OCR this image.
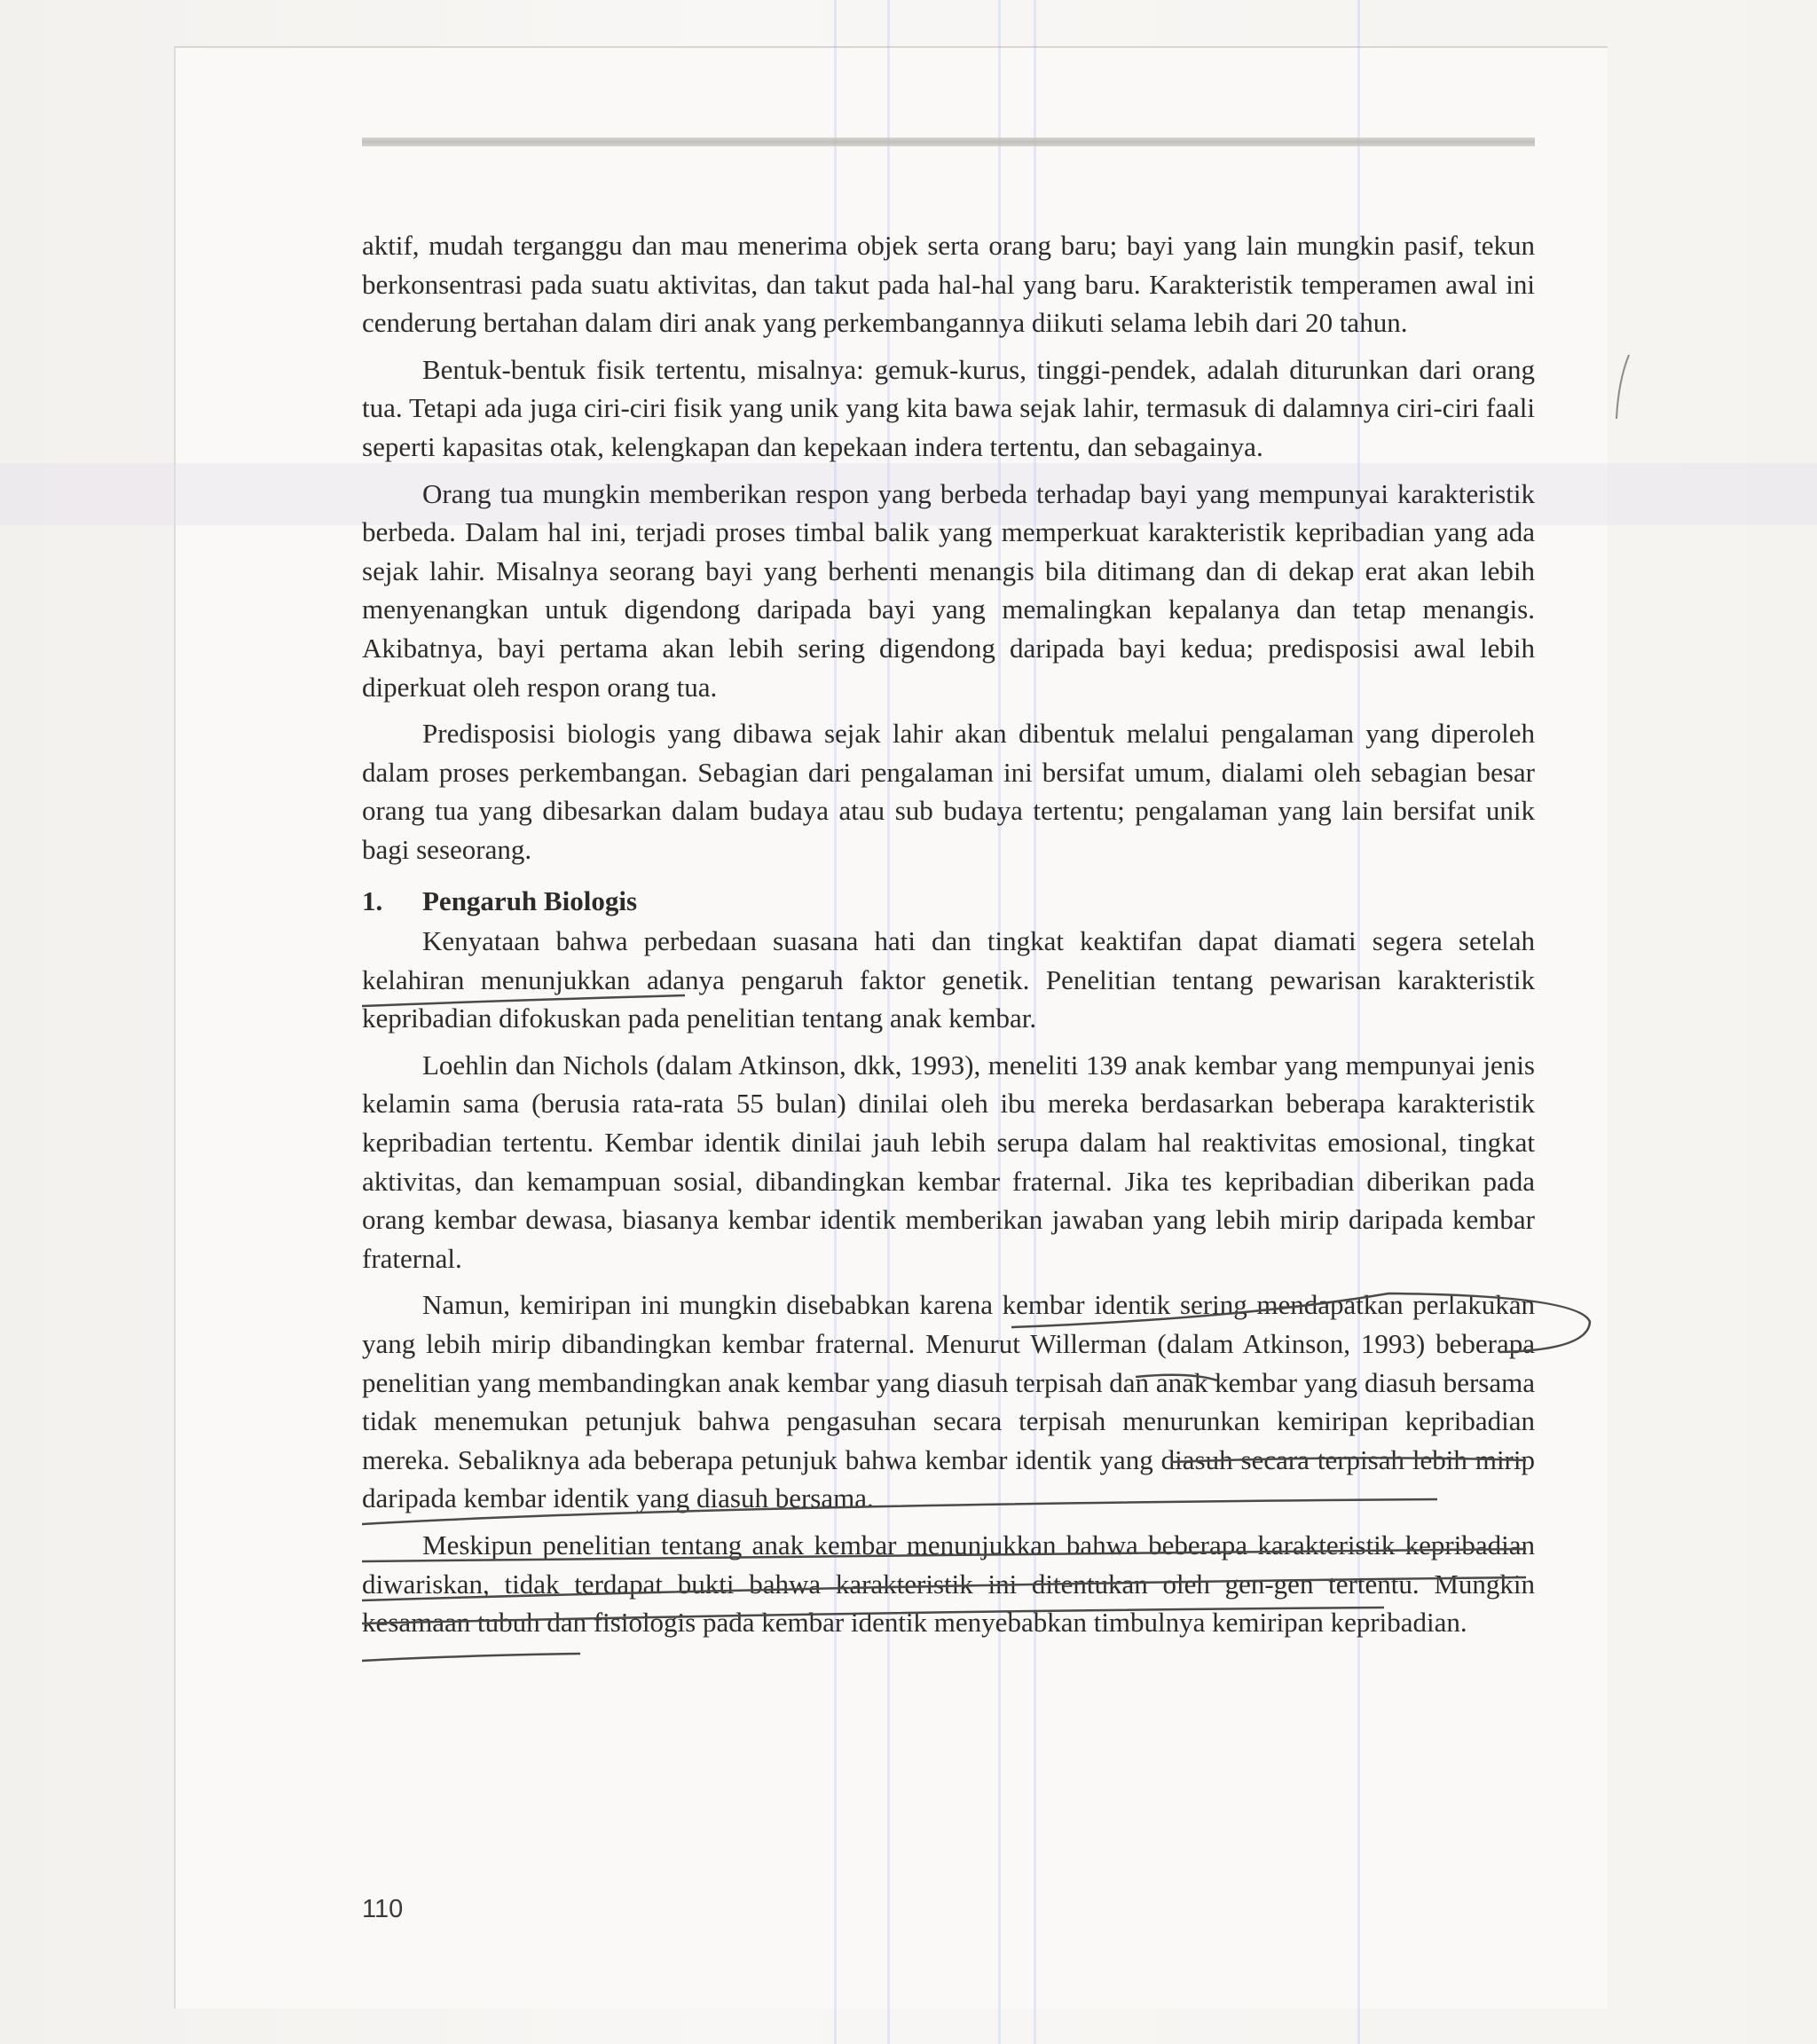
aktif, mudah terganggu dan mau menerima objek serta orang baru; bayi yang lain mungkin pasif, tekun berkonsentrasi pada suatu aktivitas, dan takut pada hal-hal yang baru. Karakteristik temperamen awal ini cenderung bertahan dalam diri anak yang perkembangannya diikuti selama lebih dari 20 tahun.

Bentuk-bentuk fisik tertentu, misalnya: gemuk-kurus, tinggi-pendek, adalah diturunkan dari orang tua. Tetapi ada juga ciri-ciri fisik yang unik yang kita bawa sejak lahir, termasuk di dalamnya ciri-ciri faali seperti kapasitas otak, kelengkapan dan kepekaan indera tertentu, dan sebagainya.

Orang tua mungkin memberikan respon yang berbeda terhadap bayi yang mempunyai karakteristik berbeda. Dalam hal ini, terjadi proses timbal balik yang memperkuat karakteristik kepribadian yang ada sejak lahir. Misalnya seorang bayi yang berhenti menangis bila ditimang dan di dekap erat akan lebih menyenangkan untuk digendong daripada bayi yang memalingkan kepalanya dan tetap menangis. Akibatnya, bayi pertama akan lebih sering digendong daripada bayi kedua; predisposisi awal lebih diperkuat oleh respon orang tua.

Predisposisi biologis yang dibawa sejak lahir akan dibentuk melalui pengalaman yang diperoleh dalam proses perkembangan. Sebagian dari pengalaman ini bersifat umum, dialami oleh sebagian besar orang tua yang dibesarkan dalam budaya atau sub budaya tertentu; pengalaman yang lain bersifat unik bagi seseorang.

1. Pengaruh Biologis

Kenyataan bahwa perbedaan suasana hati dan tingkat keaktifan dapat diamati segera setelah kelahiran menunjukkan adanya pengaruh faktor genetik. Penelitian tentang pewarisan karakteristik kepribadian difokuskan pada penelitian tentang anak kembar.

Loehlin dan Nichols (dalam Atkinson, dkk, 1993), meneliti 139 anak kembar yang mempunyai jenis kelamin sama (berusia rata-rata 55 bulan) dinilai oleh ibu mereka berdasarkan beberapa karakteristik kepribadian tertentu. Kembar identik dinilai jauh lebih serupa dalam hal reaktivitas emosional, tingkat aktivitas, dan kemampuan sosial, dibandingkan kembar fraternal. Jika tes kepribadian diberikan pada orang kembar dewasa, biasanya kembar identik memberikan jawaban yang lebih mirip daripada kembar fraternal.

Namun, kemiripan ini mungkin disebabkan karena kembar identik sering mendapatkan perlakukan yang lebih mirip dibandingkan kembar fraternal. Menurut Willerman (dalam Atkinson, 1993) beberapa penelitian yang membandingkan anak kembar yang diasuh terpisah dan anak kembar yang diasuh bersama tidak menemukan petunjuk bahwa pengasuhan secara terpisah menurunkan kemiripan kepribadian mereka. Sebaliknya ada beberapa petunjuk bahwa kembar identik yang diasuh secara terpisah lebih mirip daripada kembar identik yang diasuh bersama.

Meskipun penelitian tentang anak kembar menunjukkan bahwa beberapa karakteristik kepribadian diwariskan, tidak terdapat bukti bahwa karakteristik ini ditentukan oleh gen-gen tertentu. Mungkin kesamaan tubuh dan fisiologis pada kembar identik menyebabkan timbulnya kemiripan kepribadian.

110
